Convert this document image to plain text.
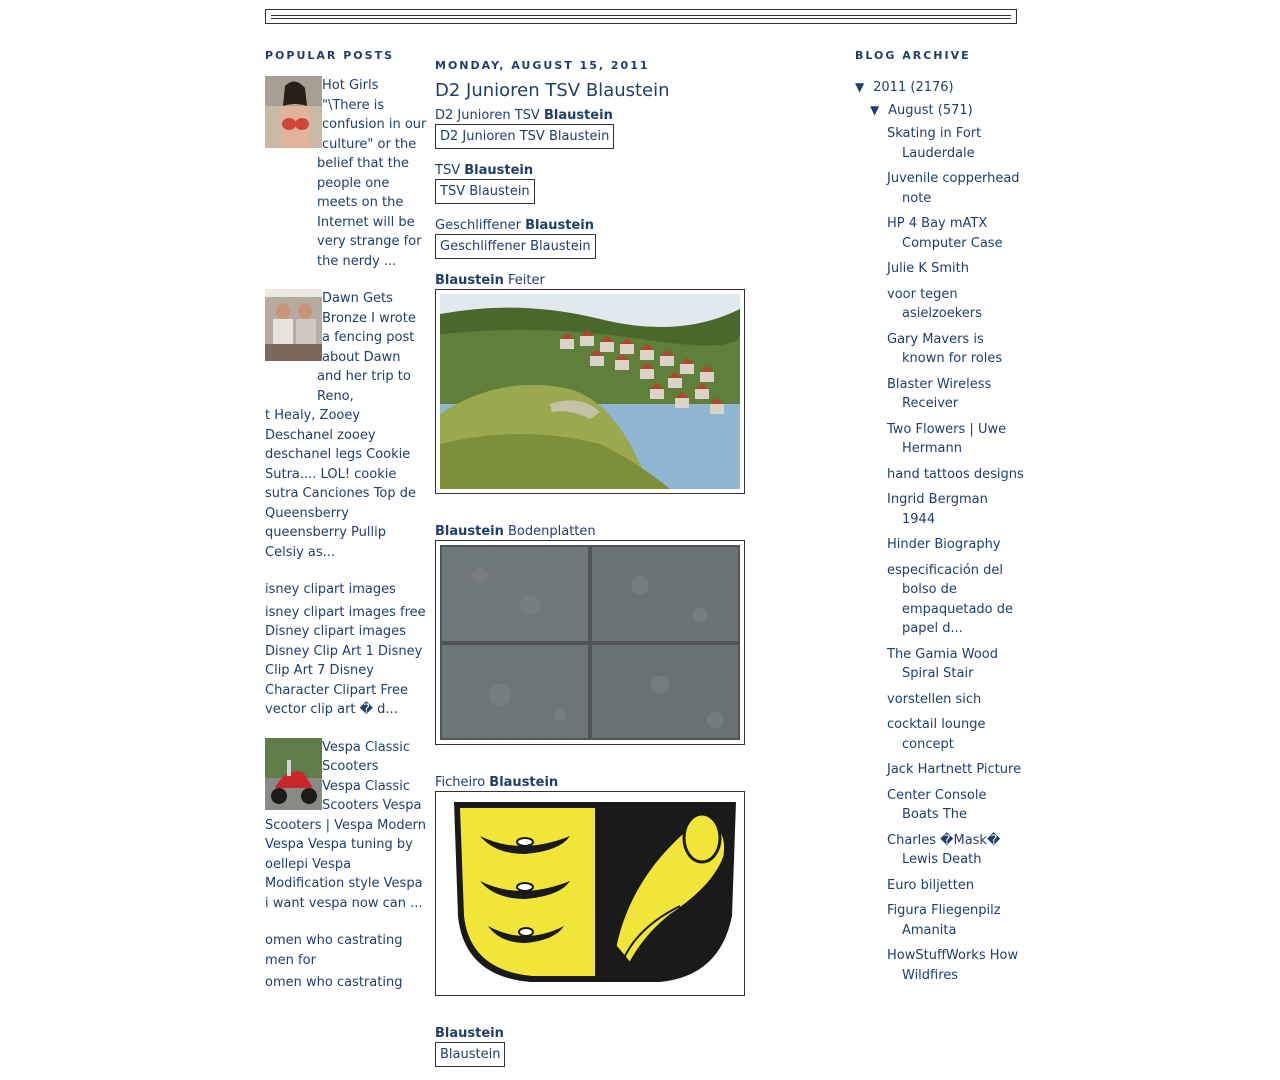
POPULAR POSTS
Hot Girls
"\There is confusion in our culture" or the belief that the people one meets on the Internet will be very strange for the nerdy ...
Dawn Gets Bronze I wrote a fencing post about Dawn and her trip to Reno,
t Healy, Zooey Deschanel zooey deschanel legs Cookie Sutra.... LOL! cookie sutra Canciones Top de Queensberry queensberry Pullip Celsiy as...
isney clipart images
isney clipart images free Disney clipart images Disney Clip Art 1 Disney Clip Art 7 Disney Character Clipart Free vector clip art � d...
Vespa Classic Scooters
Vespa Classic Scooters Vespa Scooters | Vespa Modern Vespa Vespa tuning by oellepi Vespa Modification style Vespa i want vespa now can ...
omen who castrating men for
omen who castrating
MONDAY, AUGUST 15, 2011
D2 Junioren TSV Blaustein
D2 Junioren TSV Blaustein
D2 Junioren TSV Blaustein
TSV Blaustein
TSV Blaustein
Geschliffener Blaustein
Geschliffener Blaustein
Blaustein Feiter
Blaustein Bodenplatten
Ficheiro Blaustein
Blaustein
Blaustein
BLOG ARCHIVE
▼ 2011 (2176)
▼ August (571)
Skating in Fort Lauderdale
Juvenile copperhead note
HP 4 Bay mATX Computer Case
Julie K Smith
voor tegen asielzoekers
Gary Mavers is known for roles
Blaster Wireless Receiver
Two Flowers | Uwe Hermann
hand tattoos designs
Ingrid Bergman 1944
Hinder Biography
especificación del bolso de empaquetado de papel d...
The Gamia Wood Spiral Stair
vorstellen sich
cocktail lounge concept
Jack Hartnett Picture
Center Console Boats The
Charles �Mask� Lewis Death
Euro biljetten
Figura Fliegenpilz Amanita
HowStuffWorks How Wildfires
